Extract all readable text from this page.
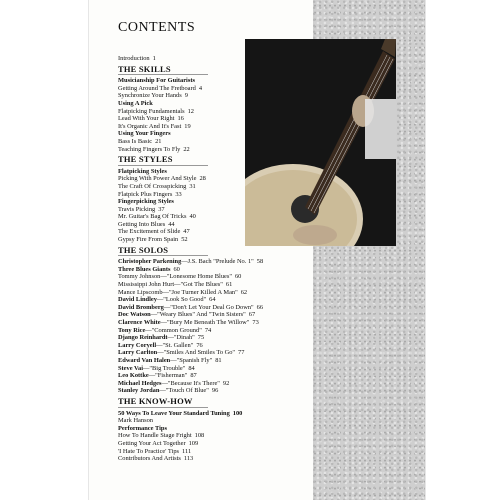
CONTENTS
Introduction 1
THE SKILLS
Musicianship For Guitarists
Getting Around The Fretboard 4
Synchronize Your Hands 9
Using A Pick
Flatpicking Fundamentals 12
Lead With Your Right 16
It's Organic And It's Fast 19
Using Your Fingers
Bass Is Basic 21
Teaching Fingers To Fly 22
THE STYLES
Flatpicking Styles
Picking With Power And Style 28
The Craft Of Crosspicking 31
Flatpick Plus Fingers 33
Fingerpicking Styles
Travis Picking 37
Mr. Guitar's Bag Of Tricks 40
Getting Into Blues 44
The Excitement of Slide 47
Gypsy Fire From Spain 52
THE SOLOS
Christopher Parkening—J.S. Bach "Prelude No. 1" 58
Three Blues Giants 60
Tommy Johnson—"Lonesome Home Blues" 60
Mississippi John Hurt—"Got The Blues" 61
Mance Lipscomb—"Joe Turner Killed A Man" 62
David Lindley—"Look So Good" 64
David Bromberg—"Don't Let Your Deal Go Down" 66
Doc Watson—"Weary Blues" And "Twin Sisters" 67
Clarence White—"Bury Me Beneath The Willow" 73
Tony Rice—"Common Ground" 74
Django Reinhardt—"Dinah" 75
Larry Coryell—"St. Gallen" 76
Larry Carlton—"Smiles And Smiles To Go" 77
Edward Van Halen—"Spanish Fly" 81
Steve Vai—"Big Trouble" 84
Leo Kottke—"Fisherman" 87
Michael Hedges—"Because It's There" 92
Stanley Jordan—"Touch Of Blue" 96
THE KNOW-HOW
50 Ways To Leave Your Standard Tuning 100
Mark Hanson
Performance Tips
How To Handle Stage Fright 108
Getting Your Act Together 109
'I Hate To Practice' Tips 111
Contributors And Artists 113
